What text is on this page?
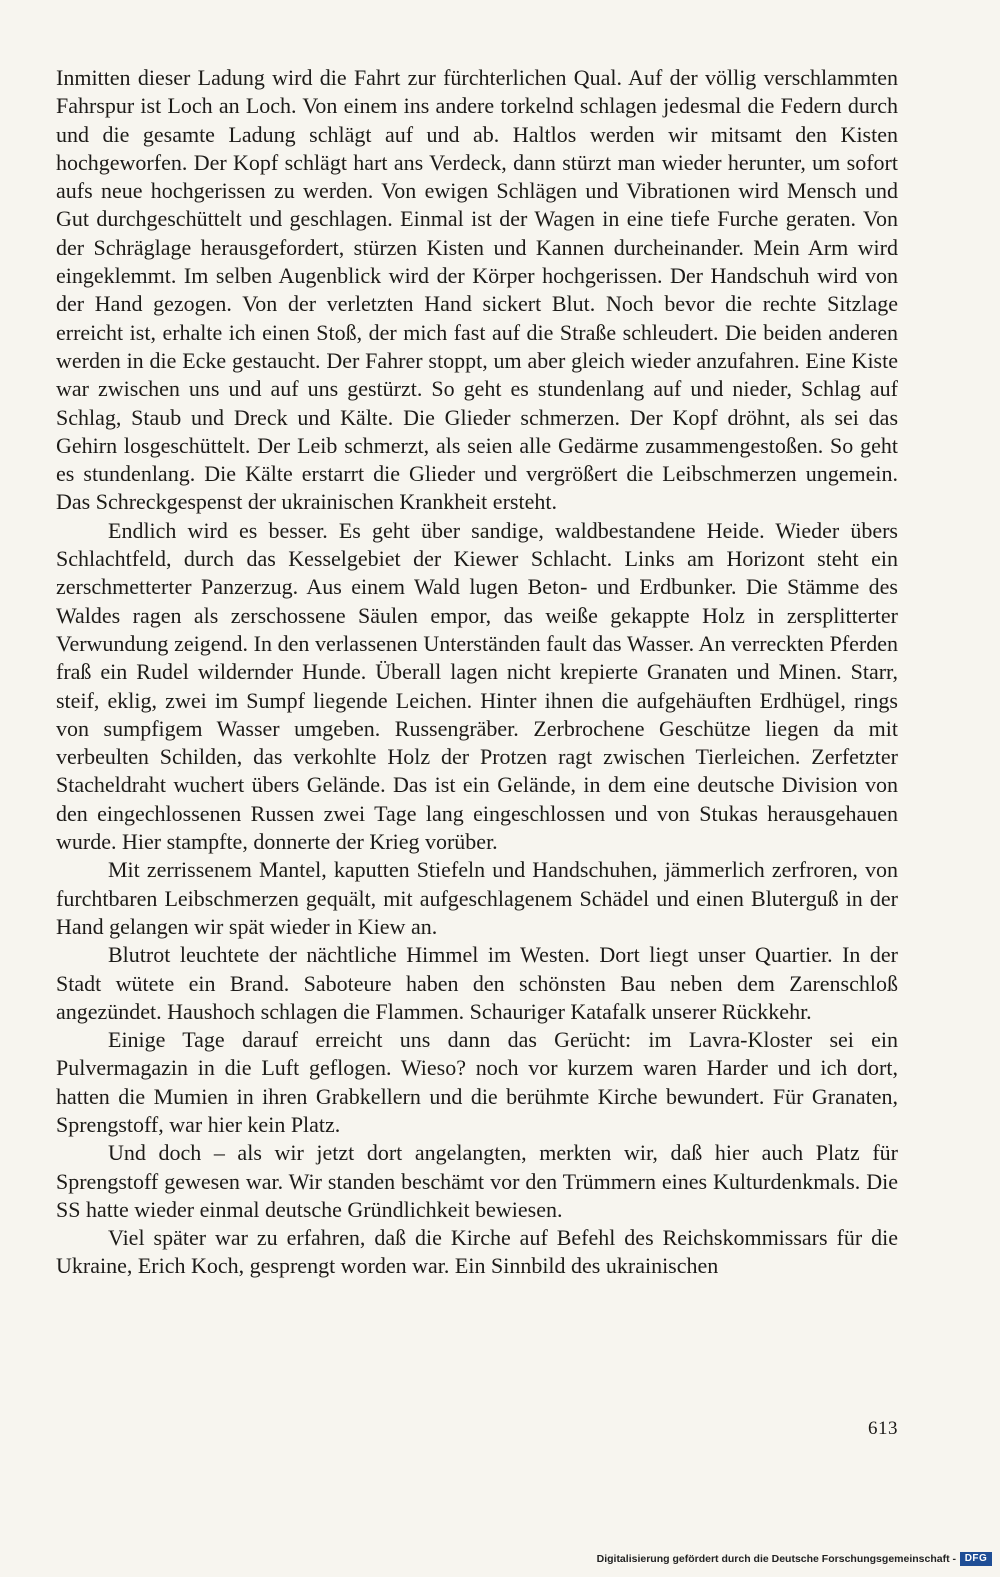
Inmitten dieser Ladung wird die Fahrt zur fürchterlichen Qual. Auf der völlig verschlammten Fahrspur ist Loch an Loch. Von einem ins andere torkelnd schlagen jedesmal die Federn durch und die gesamte Ladung schlägt auf und ab. Haltlos werden wir mitsamt den Kisten hochgeworfen. Der Kopf schlägt hart ans Verdeck, dann stürzt man wieder herunter, um sofort aufs neue hochgerissen zu werden. Von ewigen Schlägen und Vibrationen wird Mensch und Gut durchgeschüttelt und geschlagen. Einmal ist der Wagen in eine tiefe Furche geraten. Von der Schräglage herausgefordert, stürzen Kisten und Kannen durcheinander. Mein Arm wird eingeklemmt. Im selben Augenblick wird der Körper hochgerissen. Der Handschuh wird von der Hand gezogen. Von der verletzten Hand sickert Blut. Noch bevor die rechte Sitzlage erreicht ist, erhalte ich einen Stoß, der mich fast auf die Straße schleudert. Die beiden anderen werden in die Ecke gestaucht. Der Fahrer stoppt, um aber gleich wieder anzufahren. Eine Kiste war zwischen uns und auf uns gestürzt. So geht es stundenlang auf und nieder, Schlag auf Schlag, Staub und Dreck und Kälte. Die Glieder schmerzen. Der Kopf dröhnt, als sei das Gehirn losgeschüttelt. Der Leib schmerzt, als seien alle Gedärme zusammengestoßen. So geht es stundenlang. Die Kälte erstarrt die Glieder und vergrößert die Leibschmerzen ungemein. Das Schreckgespenst der ukrainischen Krankheit ersteht.

Endlich wird es besser. Es geht über sandige, waldbestandene Heide. Wieder übers Schlachtfeld, durch das Kesselgebiet der Kiewer Schlacht. Links am Horizont steht ein zerschmetterter Panzerzug. Aus einem Wald lugen Beton- und Erdbunker. Die Stämme des Waldes ragen als zerschossene Säulen empor, das weiße gekappte Holz in zersplitterter Verwundung zeigend. In den verlassenen Unterständen fault das Wasser. An verreckten Pferden fraß ein Rudel wildernder Hunde. Überall lagen nicht krepierte Granaten und Minen. Starr, steif, eklig, zwei im Sumpf liegende Leichen. Hinter ihnen die aufgehäuften Erdhügel, rings von sumpfigem Wasser umgeben. Russengräber. Zerbrochene Geschütze liegen da mit verbeulten Schilden, das verkohlte Holz der Protzen ragt zwischen Tierleichen. Zerfetzter Stacheldraht wuchert übers Gelände. Das ist ein Gelände, in dem eine deutsche Division von den eingechlossenen Russen zwei Tage lang eingeschlossen und von Stukas herausgehauen wurde. Hier stampfte, donnerte der Krieg vorüber.

Mit zerrissenem Mantel, kaputten Stiefeln und Handschuhen, jämmerlich zerfroren, von furchtbaren Leibschmerzen gequält, mit aufgeschlagenem Schädel und einen Bluterguß in der Hand gelangen wir spät wieder in Kiew an.

Blutrot leuchtete der nächtliche Himmel im Westen. Dort liegt unser Quartier. In der Stadt wütete ein Brand. Saboteure haben den schönsten Bau neben dem Zarenschloß angezündet. Haushoch schlagen die Flammen. Schauriger Katafalk unserer Rückkehr.

Einige Tage darauf erreicht uns dann das Gerücht: im Lavra-Kloster sei ein Pulvermagazin in die Luft geflogen. Wieso? noch vor kurzem waren Harder und ich dort, hatten die Mumien in ihren Grabkellern und die berühmte Kirche bewundert. Für Granaten, Sprengstoff, war hier kein Platz.

Und doch – als wir jetzt dort angelangten, merkten wir, daß hier auch Platz für Sprengstoff gewesen war. Wir standen beschämt vor den Trümmern eines Kulturdenkmals. Die SS hatte wieder einmal deutsche Gründlichkeit bewiesen.

Viel später war zu erfahren, daß die Kirche auf Befehl des Reichskommissars für die Ukraine, Erich Koch, gesprengt worden war. Ein Sinnbild des ukrainischen

613
Digitalisierung gefördert durch die Deutsche Forschungsgemeinschaft - DFG
